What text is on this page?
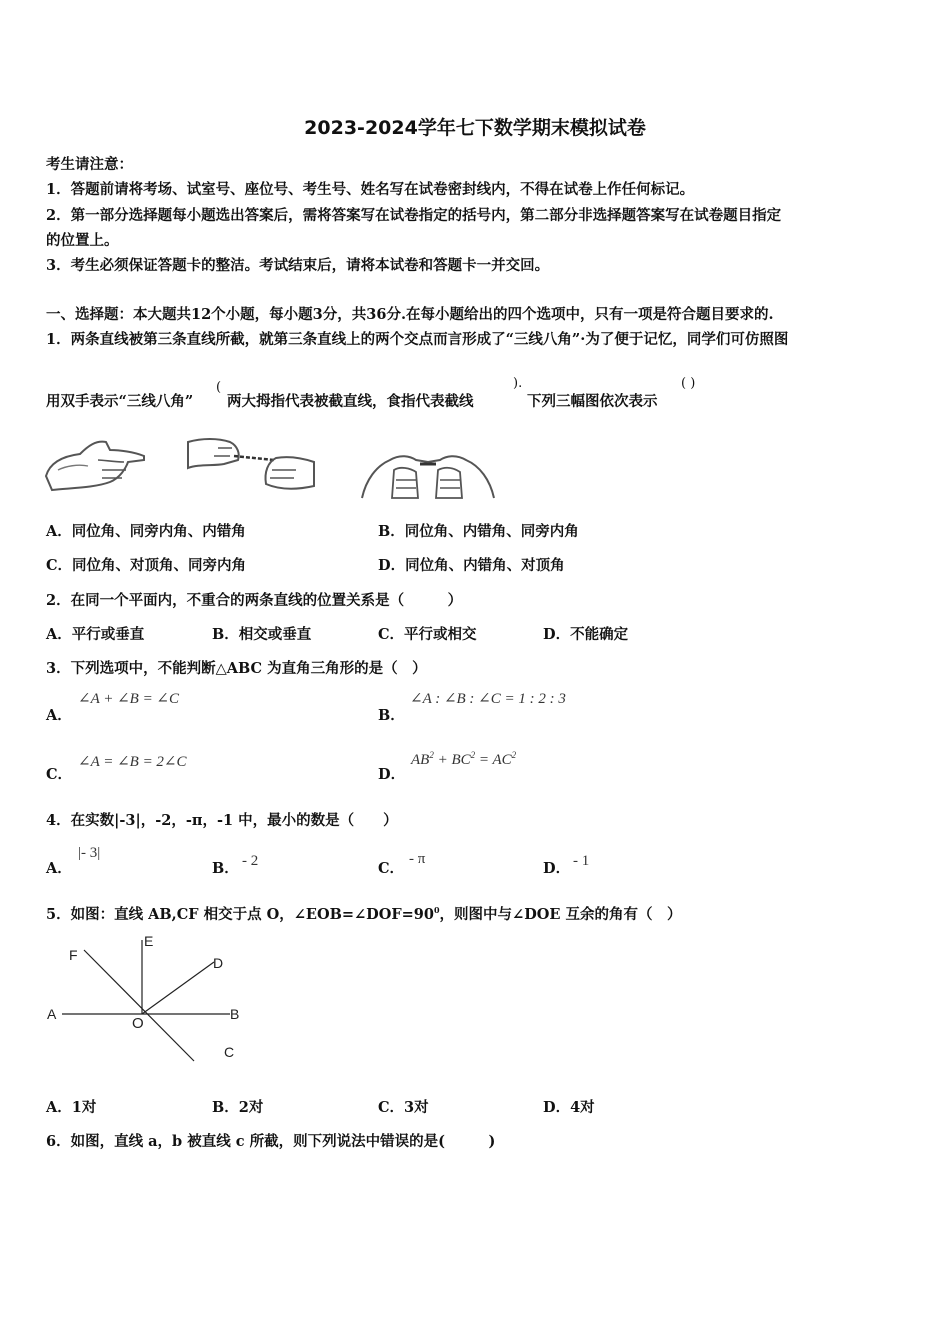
2023-2024学年七下数学期末模拟试卷
考生请注意：
1．答题前请将考场、试室号、座位号、考生号、姓名写在试卷密封线内，不得在试卷上作任何标记。
2．第一部分选择题每小题选出答案后，需将答案写在试卷指定的括号内，第二部分非选择题答案写在试卷题目指定
的位置上。
3．考生必须保证答题卡的整洁。考试结束后，请将本试卷和答题卡一并交回。
一、选择题：本大题共12个小题，每小题3分，共36分.在每小题给出的四个选项中，只有一项是符合题目要求的.
1．两条直线被第三条直线所截，就第三条直线上的两个交点而言形成了“三线八角”·为了便于记忆，同学们可仿照图
用双手表示“三线八角”
(
两大拇指代表被截直线，食指代表截线
).
下列三幅图依次表示
( )
A．同位角、同旁内角、内错角	B．同位角、内错角、同旁内角
C．同位角、对顶角、同旁内角	D．同位角、内错角、对顶角
2．在同一个平面内，不重合的两条直线的位置关系是（　　　）
A．平行或垂直	B．相交或垂直	C．平行或相交	D．不能确定
3．下列选项中，不能判断△ABC 为直角三角形的是（　）
A．
∠A + ∠B = ∠C
B．
∠A : ∠B : ∠C = 1 : 2 : 3
C．
∠A = ∠B = 2∠C
D．
$AB^2 + BC^2 = AC^2$
4．在实数|-3|，-2，-π，-1 中，最小的数是（　　）
A．
|- 3|
B． - 2	C．
- π
D． - 1
5．如图：直线 AB,CF 相交于点 O，$\angle EOB=\angle DOF=90^0$，则图中与∠DOE 互余的角有（　）
F
E
D
A
O
B
C
A．1对	B．2对	C．3对	D．4对
6．如图，直线 a，b 被直线 c 所截，则下列说法中错误的是(　　　)
